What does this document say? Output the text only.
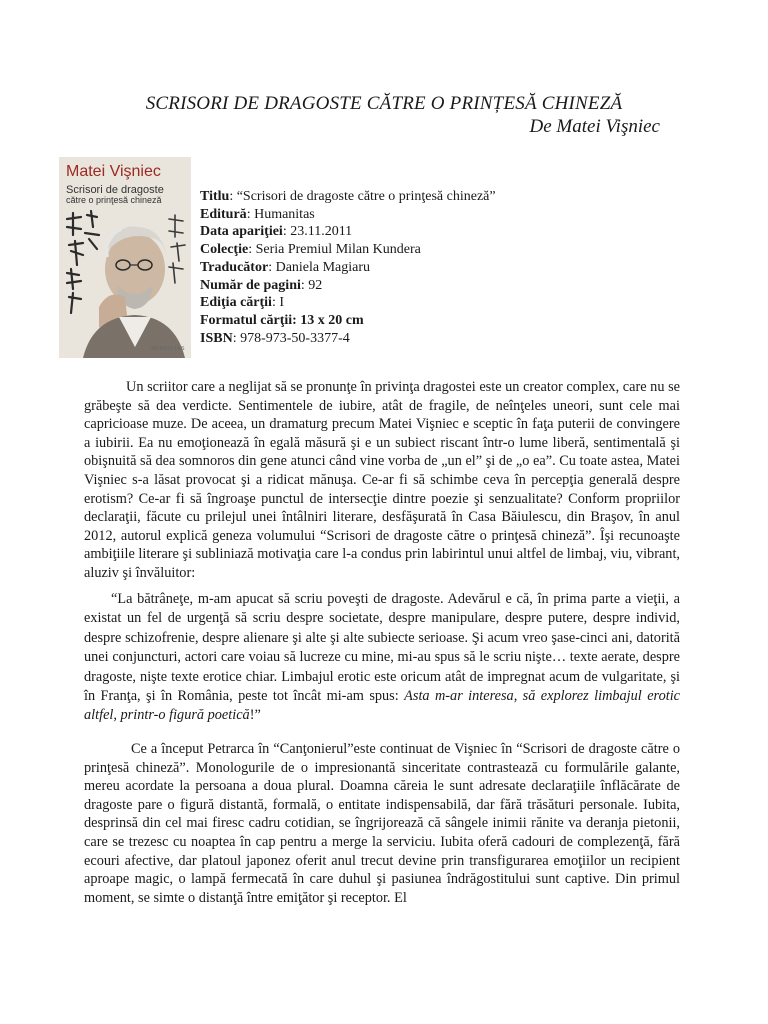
SCRISORI DE DRAGOSTE CĂTRE O PRINȚESĂ CHINEZĂ
De Matei Vişniec
Matei Vişniec
Scrisori de dragoste
către o prinţesă chineză
HUMANITAS
Titlu: “Scrisori de dragoste către o prinţesă chineză”
Editură: Humanitas
Data apariţiei: 23.11.2011
Colecţie: Seria Premiul Milan Kundera
Traducător: Daniela Magiaru
Număr de pagini: 92
Ediţia cărţii: I
Formatul cărţii: 13 x 20 cm
ISBN: 978-973-50-3377-4
Un scriitor care a neglijat să se pronunţe în privinţa dragostei este un creator complex, care nu se grăbeşte să dea verdicte. Sentimentele de iubire, atât de fragile, de neînţeles uneori, sunt cele mai capricioase muze. De aceea, un dramaturg precum Matei Vişniec e sceptic în faţa puterii de convingere a iubirii. Ea nu emoţionează în egală măsură şi e un subiect riscant într-o lume liberă, sentimentală şi obişnuită să dea somnoros din gene atunci când vine vorba de „un el” şi de „o ea”. Cu toate astea, Matei Vişniec s-a lăsat provocat şi a ridicat mănuşa. Ce-ar fi să schimbe ceva în percepţia generală despre erotism? Ce-ar fi să îngroaşe punctul de intersecţie dintre poezie şi senzualitate? Conform propriilor declaraţii, făcute cu prilejul unei întâlniri literare, desfăşurată în Casa Băiulescu, din Braşov, în anul 2012, autorul explică geneza volumului “Scrisori de dragoste către o prinţesă chineză”. Îşi recunoaşte ambiţiile literare şi subliniază motivaţia care l-a condus prin labirintul unui altfel de limbaj, viu, vibrant, aluziv şi învăluitor:
“La bătrâneţe, m-am apucat să scriu poveşti de dragoste. Adevărul e că, în prima parte a vieţii, a existat un fel de urgenţă să scriu despre societate, despre manipulare, despre putere, despre individ, despre schizofrenie, despre alienare şi alte şi alte subiecte serioase. Şi acum vreo şase-cinci ani, datorită unei conjuncturi, actori care voiau să lucreze cu mine, mi-au spus să le scriu nişte… texte aerate, despre dragoste, nişte texte erotice chiar. Limbajul erotic este oricum atât de impregnat acum de vulgaritate, şi în Franţa, şi în România, peste tot încât mi-am spus: Asta m-ar interesa, să explorez limbajul erotic altfel, printr-o figură poetică!”
Ce a început Petrarca în “Canţonierul”este continuat de Vişniec în “Scrisori de dragoste către o prinţesă chineză”. Monologurile de o impresionantă sinceritate contrastează cu formulările galante, mereu acordate la persoana a doua plural. Doamna căreia le sunt adresate declaraţiile înflăcărate de dragoste pare o figură distantă, formală, o entitate indispensabilă, dar fără trăsături personale. Iubita, desprinsă din cel mai firesc cadru cotidian, se îngrijorează că sângele inimii rănite va deranja pietonii, care se trezesc cu noaptea în cap pentru a merge la serviciu. Iubita oferă cadouri de complezenţă, fără ecouri afective, dar platoul japonez oferit anul trecut devine prin transfigurarea emoţiilor un recipient aproape magic, o lampă fermecată în care duhul şi pasiunea îndrăgostitului sunt captive. Din primul moment, se simte o distanţă între emiţător şi receptor. El
